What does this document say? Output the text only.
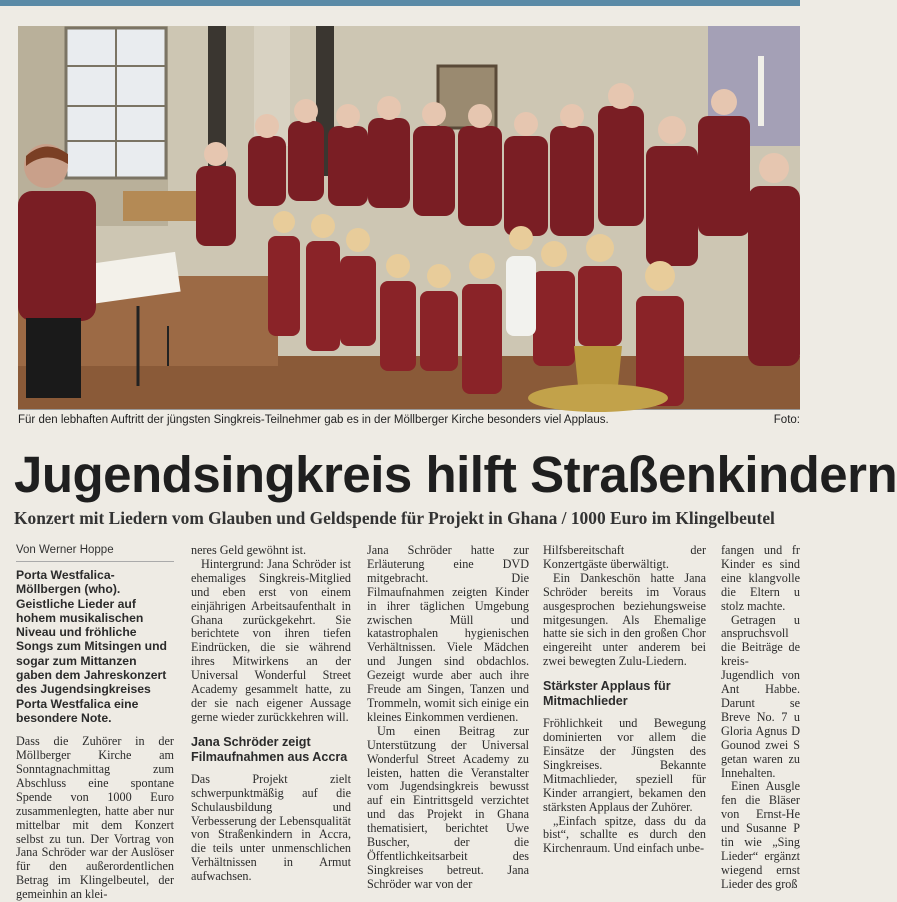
Für den lebhaften Auftritt der jüngsten Singkreis-Teilnehmer gab es in der Möllberger Kirche besonders viel Applaus.	Foto:
Jugendsingkreis hilft Straßenkindern
Konzert mit Liedern vom Glauben und Geldspende für Projekt in Ghana / 1000 Euro im Klingelbeutel
Von Werner Hoppe

Porta Westfalica-Möllbergen (who). Geistliche Lieder auf hohem musikalischen Niveau und fröhliche Songs zum Mitsingen und sogar zum Mittanzen gaben dem Jahreskonzert des Jugendsingkreises Porta Westfalica eine besondere Note.

Dass die Zuhörer in der Möllberger Kirche am Sonntagnachmittag zum Abschluss eine spontane Spende von 1000 Euro zusammenlegten, hatte aber nur mittelbar mit dem Konzert selbst zu tun. Der Vortrag von Jana Schröder war der Auslöser für den außerordentlichen Betrag im Klingelbeutel, der gemeinhin an klei-

neres Geld gewöhnt ist.

Hintergrund: Jana Schröder ist ehemaliges Singkreis-Mitglied und eben erst von einem einjährigen Arbeitsaufenthalt in Ghana zurückgekehrt. Sie berichtete von ihren tiefen Eindrücken, die sie während ihres Mitwirkens an der Universal Wonderful Street Academy gesammelt hatte, zu der sie nach eigener Aussage gerne wieder zurückkehren will.

Jana Schröder zeigt Filmaufnahmen aus Accra

Das Projekt zielt schwerpunktmäßig auf die Schulausbildung und Verbesserung der Lebensqualität von Straßenkindern in Accra, die teils unter unmenschlichen Verhältnissen in Armut aufwachsen.

Jana Schröder hatte zur Erläuterung eine DVD mitgebracht. Die Filmaufnahmen zeigten Kinder in ihrer täglichen Umgebung zwischen Müll und katastrophalen hygienischen Verhältnissen. Viele Mädchen und Jungen sind obdachlos. Gezeigt wurde aber auch ihre Freude am Singen, Tanzen und Trommeln, womit sich einige ein kleines Einkommen verdienen.

Um einen Beitrag zur Unterstützung der Universal Wonderful Street Academy zu leisten, hatten die Veranstalter vom Jugendsingkreis bewusst auf ein Eintrittsgeld verzichtet und das Projekt in Ghana thematisiert, berichtet Uwe Buscher, der die Öffentlichkeitsarbeit des Singkreises betreut. Jana Schröder war von der

Hilfsbereitschaft der Konzertgäste überwältigt.

Ein Dankeschön hatte Jana Schröder bereits im Voraus ausgesprochen beziehungsweise mitgesungen. Als Ehemalige hatte sie sich in den großen Chor eingereiht unter anderem bei zwei bewegten Zulu-Liedern.

Stärkster Applaus für Mitmachlieder

Fröhlichkeit und Bewegung dominierten vor allem die Einsätze der Jüngsten des Singkreises. Bekannte Mitmachlieder, speziell für Kinder arrangiert, bekamen den stärksten Applaus der Zuhörer.

„Einfach spitze, dass du da bist“, schallte es durch den Kirchenraum. Und einfach unbe-

fangen und fr Kinder es sind eine klangvolle die Eltern u stolz machte.

Getragen u anspruchsvoll die Beiträge de kreis-Jugendlich von Ant Habbe. Darunt se Breve No. 7 u Gloria Agnus D Gounod zwei S getan waren zu Innehalten.

Einen Ausgle fen die Bläser von Ernst-He und Susanne P tin wie „Sing Lieder“ ergänzt wiegend ernst Lieder des groß
